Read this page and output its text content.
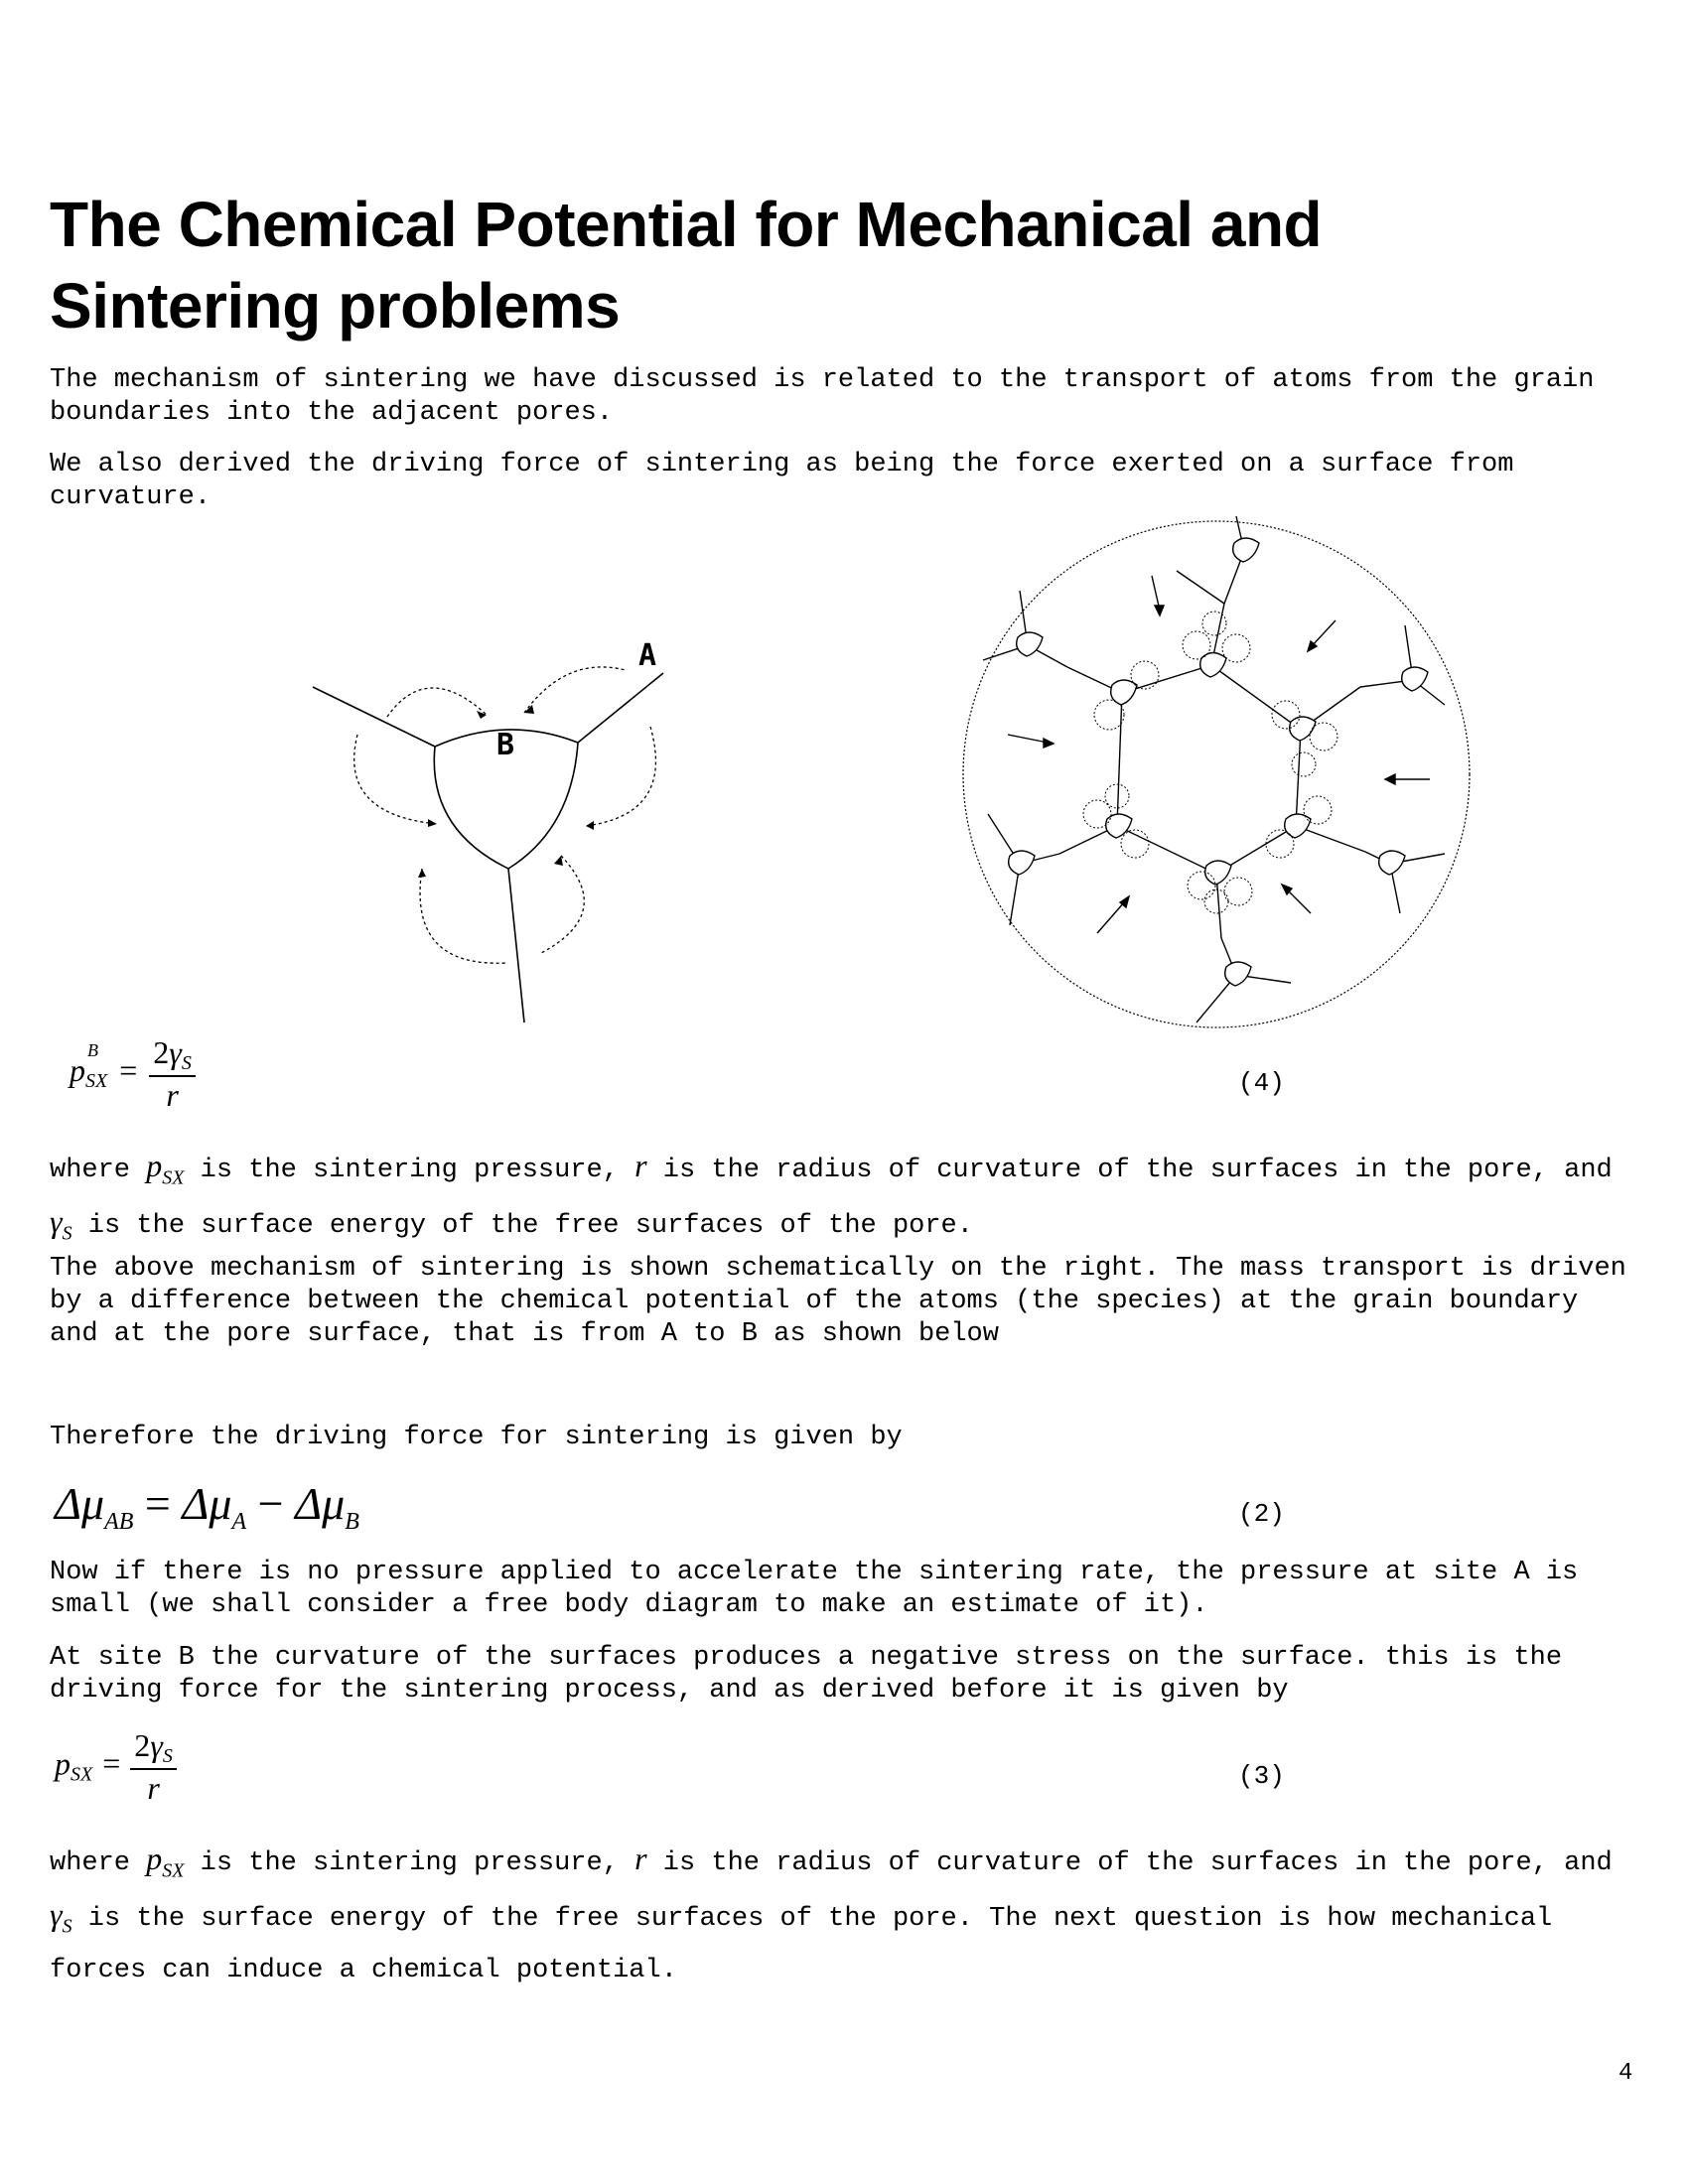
The Chemical Potential for Mechanical and Sintering problems

The mechanism of sintering we have discussed is related to the transport of atoms from the grain boundaries into the adjacent pores.

We also derived the driving force of sintering as being the force exerted on a surface from curvature.

A
B
p
B
SX = $\frac{2\gamma S}{r}$	(4)

where $p_{SX}$ is the sintering pressure, r is the radius of curvature of the surfaces in the pore, and $\gamma_S$ is the surface energy of the free surfaces of the pore.

The above mechanism of sintering is shown schematically on the right. The mass transport is driven by a difference between the chemical potential of the atoms (the species) at the grain boundary and at the pore surface, that is from A to B as shown below

Therefore the driving force for sintering is given by

$\Delta\mu_{AB} = \Delta\mu_A - \Delta\mu_B$	(2)

Now if there is no pressure applied to accelerate the sintering rate, the pressure at site A is small (we shall consider a free body diagram to make an estimate of it).

At site B the curvature of the surfaces produces a negative stress on the surface. this is the driving force for the sintering process, and as derived before it is given by

pSX = $\frac{2\gamma S}{r}$	(3)

where $p_{SX}$ is the sintering pressure, r is the radius of curvature of the surfaces in the pore, and $\gamma_S$ is the surface energy of the free surfaces of the pore. The next question is how mechanical forces can induce a chemical potential.

4
